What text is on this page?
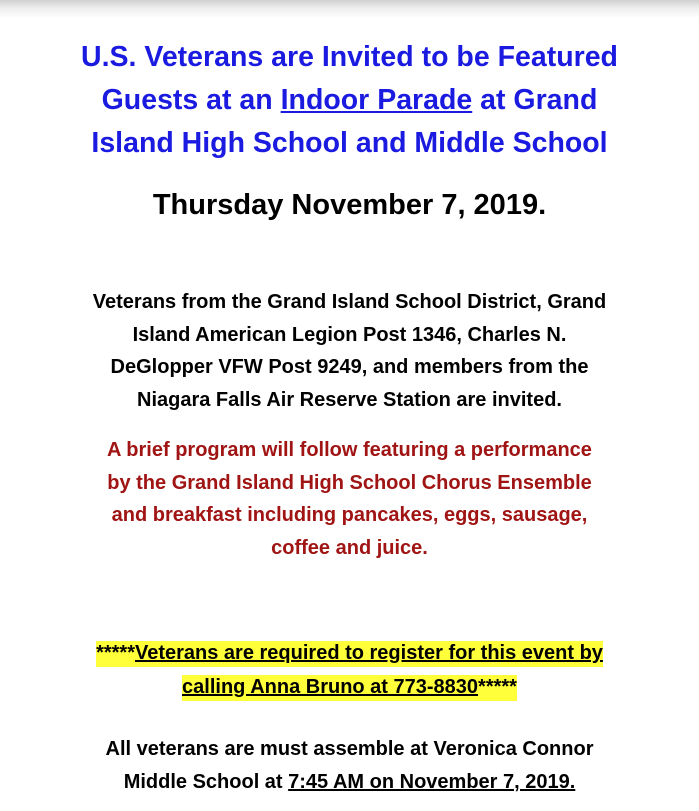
U.S. Veterans are Invited to be Featured
Guests at an Indoor Parade at Grand
Island High School and Middle School
Thursday November 7, 2019.
Veterans from the Grand Island School District, Grand
Island American Legion Post 1346, Charles N.
DeGlopper VFW Post 9249, and members from the
Niagara Falls Air Reserve Station are invited.
A brief program will follow featuring a performance
by the Grand Island High School Chorus Ensemble
and breakfast including pancakes, eggs, sausage,
coffee and juice.
*****Veterans are required to register for this event by
calling Anna Bruno at 773-8830*****
All veterans are must assemble at Veronica Connor
Middle School at 7:45 AM on November 7, 2019.
